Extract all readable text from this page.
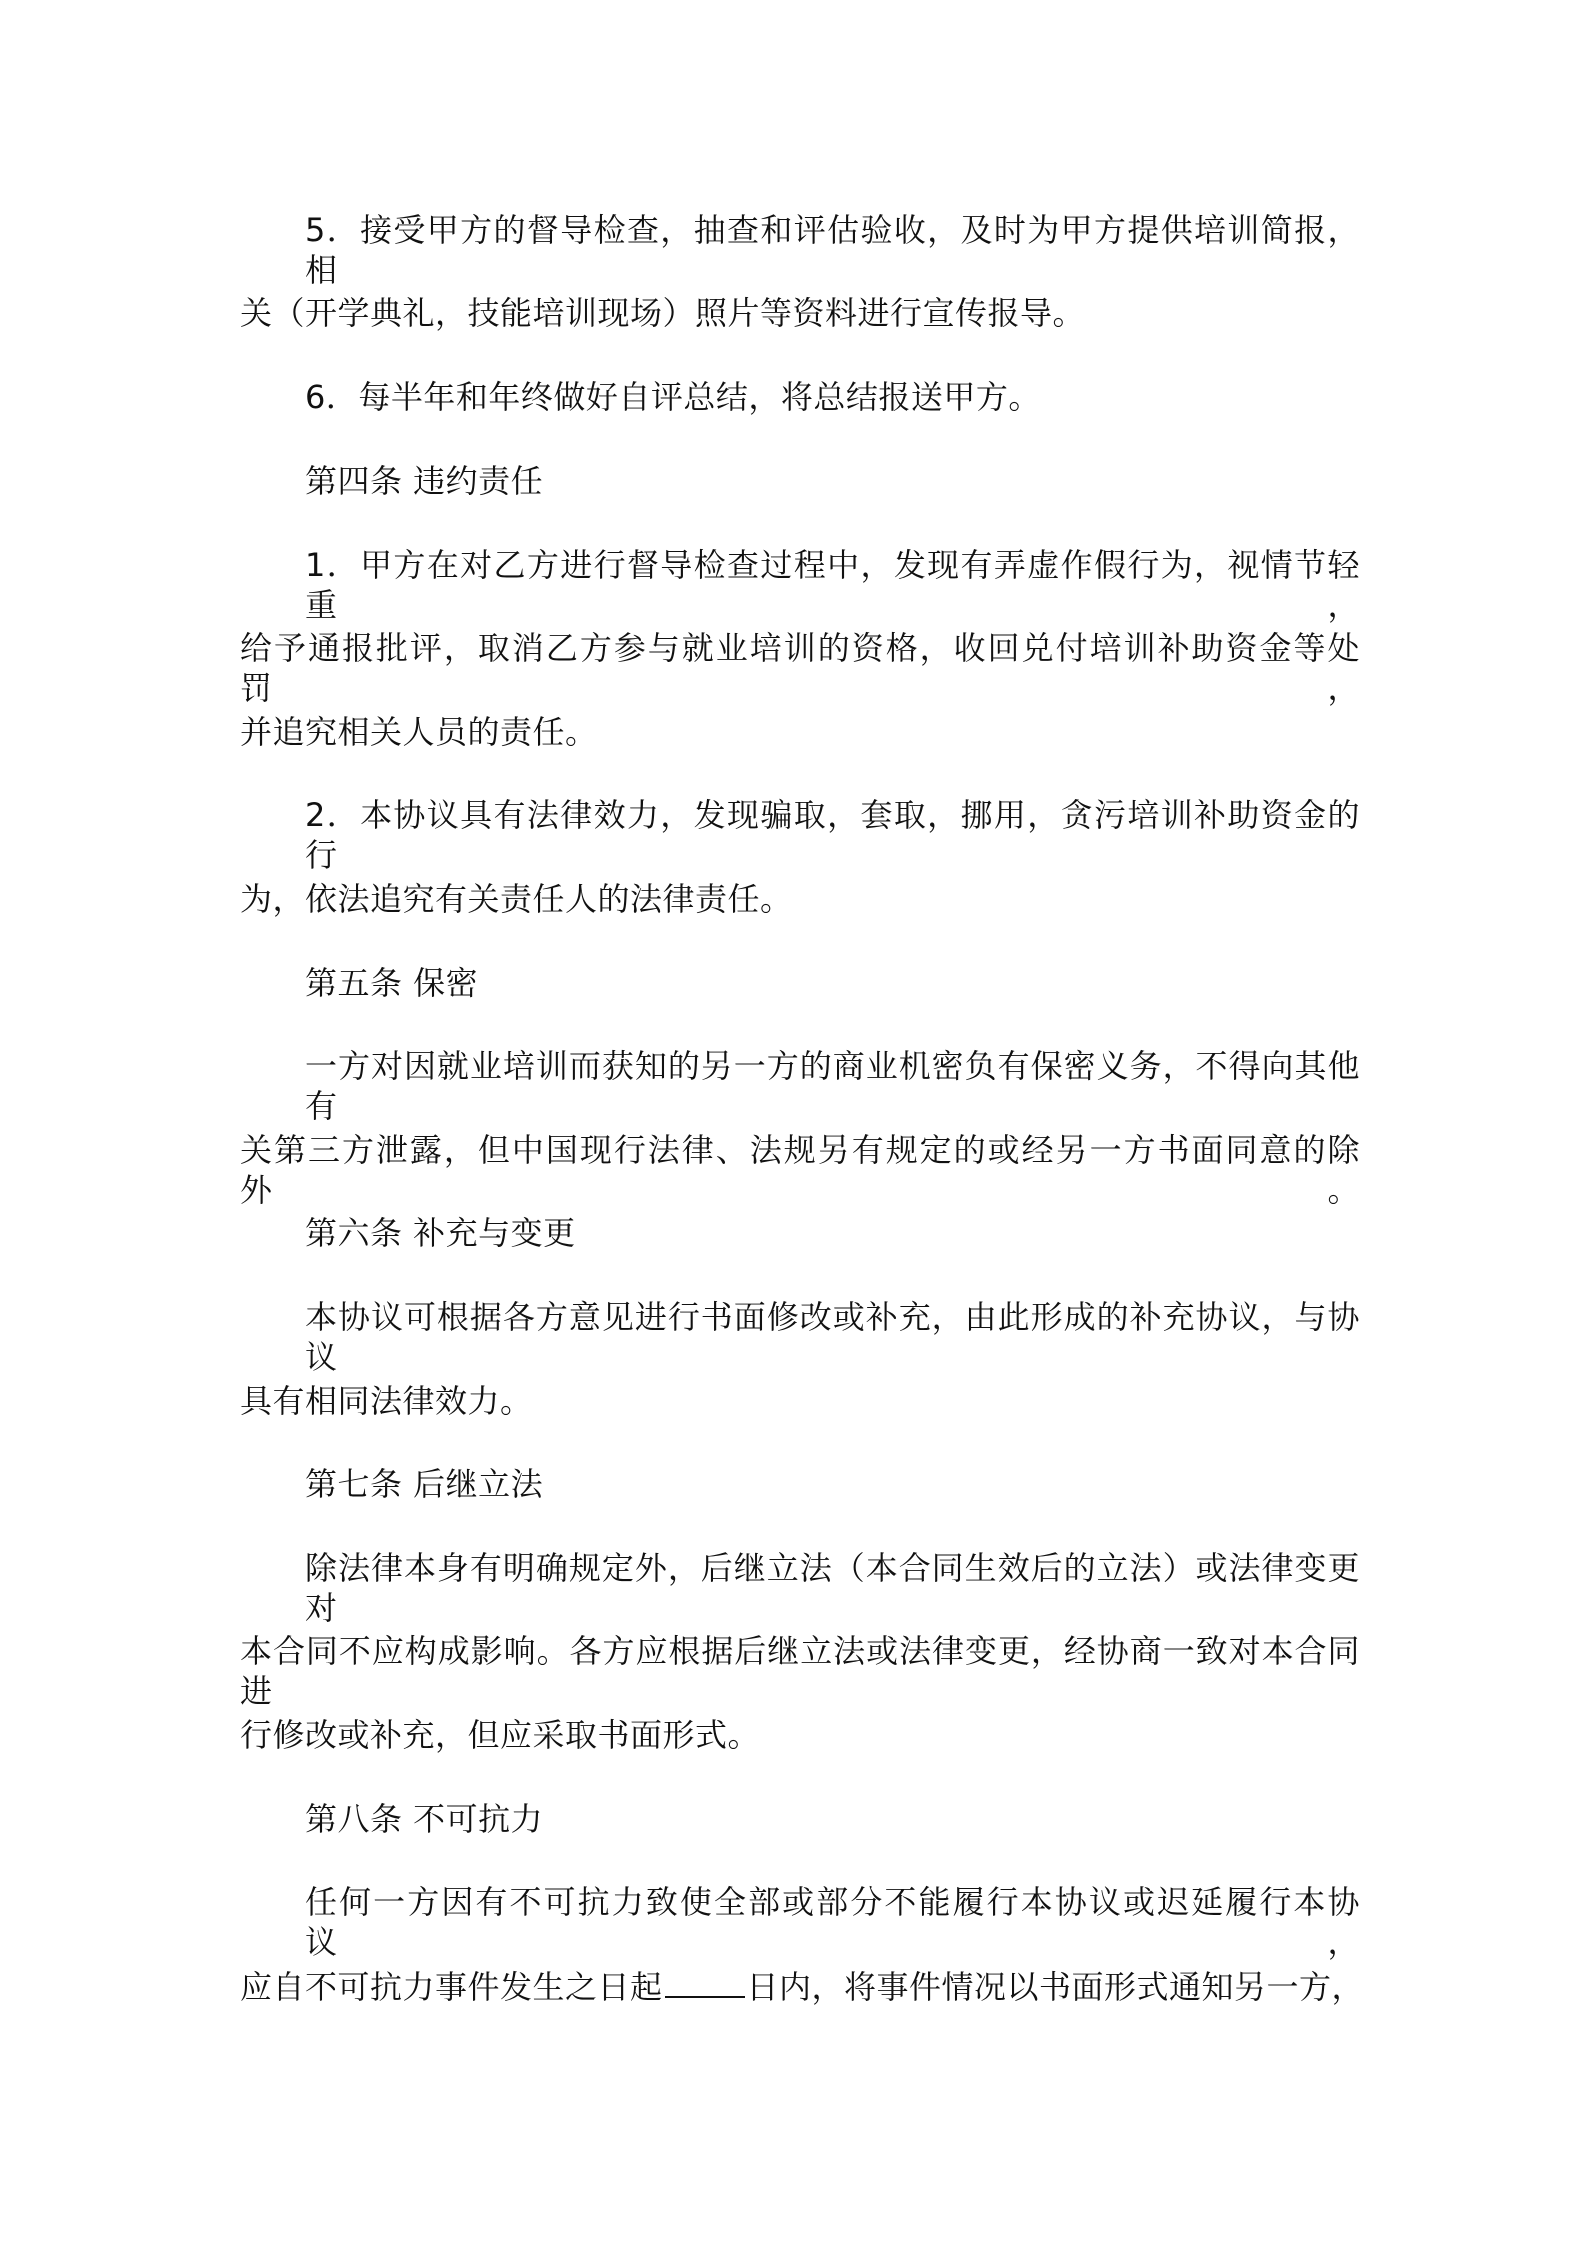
5．接受甲方的督导检查，抽查和评估验收，及时为甲方提供培训简报，相
关（开学典礼，技能培训现场）照片等资料进行宣传报导。
6．每半年和年终做好自评总结，将总结报送甲方。
第四条 违约责任
1．甲方在对乙方进行督导检查过程中，发现有弄虚作假行为，视情节轻重，
给予通报批评，取消乙方参与就业培训的资格，收回兑付培训补助资金等处罚，
并追究相关人员的责任。
2．本协议具有法律效力，发现骗取，套取，挪用，贪污培训补助资金的行
为，依法追究有关责任人的法律责任。
第五条 保密
一方对因就业培训而获知的另一方的商业机密负有保密义务，不得向其他有
关第三方泄露，但中国现行法律、法规另有规定的或经另一方书面同意的除外。
第六条 补充与变更
本协议可根据各方意见进行书面修改或补充，由此形成的补充协议，与协议
具有相同法律效力。
第七条 后继立法
除法律本身有明确规定外，后继立法（本合同生效后的立法）或法律变更对
本合同不应构成影响。各方应根据后继立法或法律变更，经协商一致对本合同进
行修改或补充，但应采取书面形式。
第八条 不可抗力
任何一方因有不可抗力致使全部或部分不能履行本协议或迟延履行本协议，
应自不可抗力事件发生之日起	日内，将事件情况以书面形式通知另一方，
